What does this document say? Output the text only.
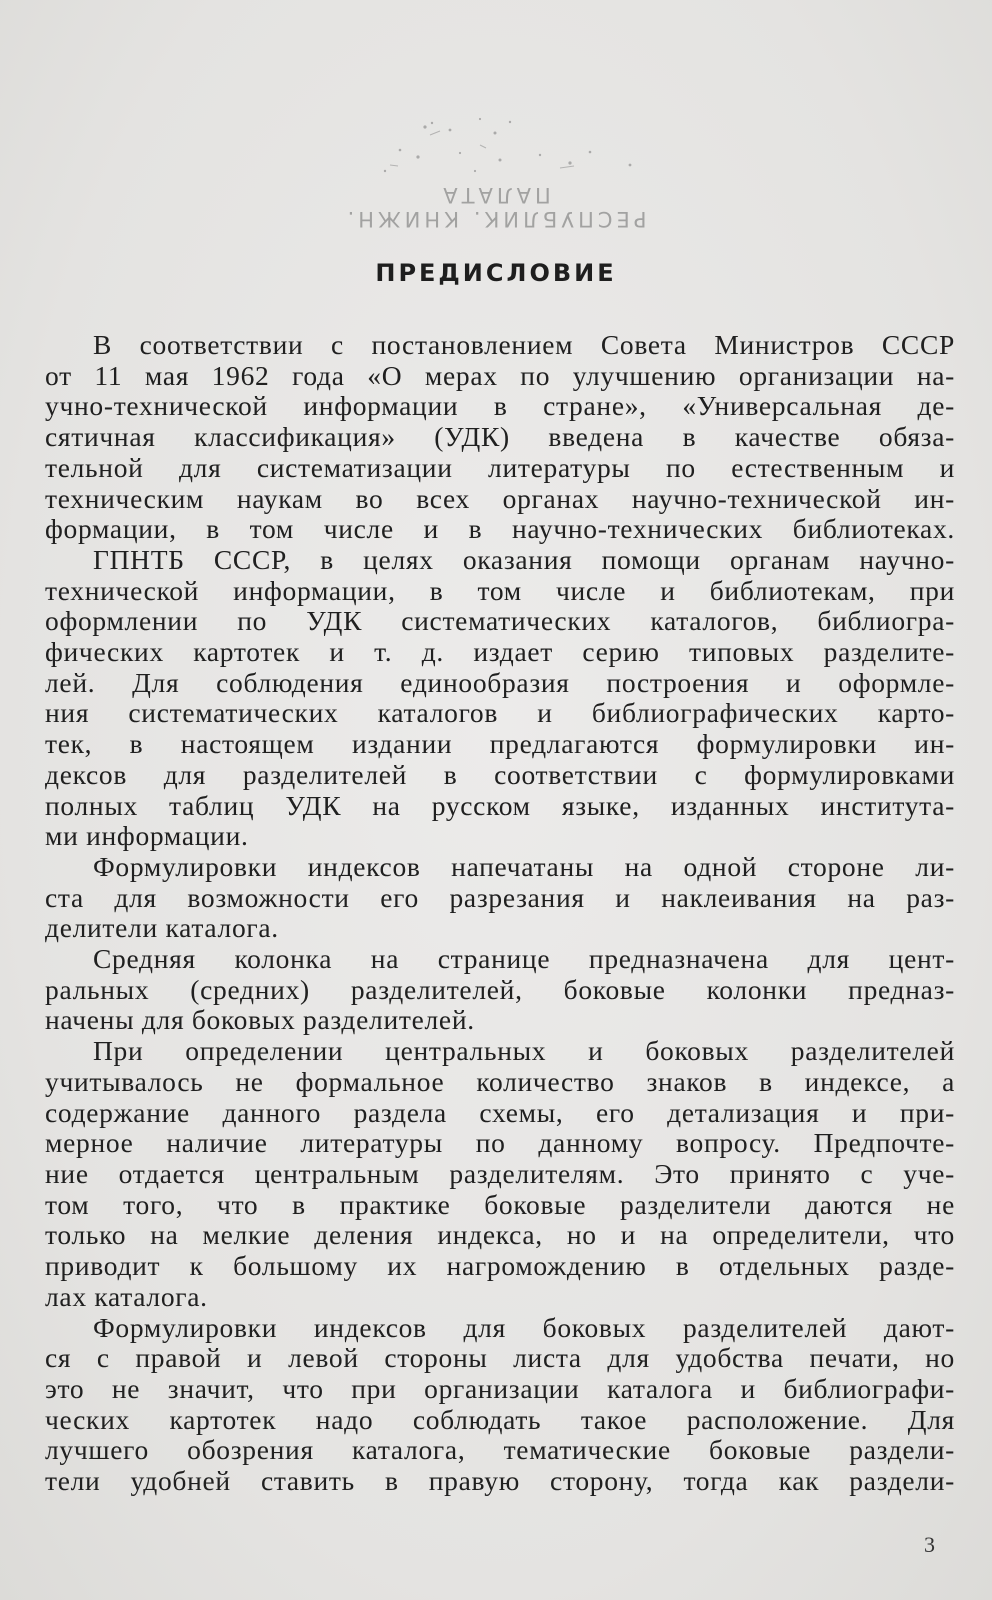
РЕСПУБЛИК. КНИЖН. ПАЛАТА
ПРЕДИСЛОВИЕ
В соответствии с постановлением Совета Министров СССР
от 11 мая 1962 года «О мерах по улучшению организации на-
учно-технической информации в стране», «Универсальная де-
сятичная классификация» (УДК) введена в качестве обяза-
тельной для систематизации литературы по естественным и
техническим наукам во всех органах научно-технической ин-
формации, в том числе и в научно-технических библиотеках.
ГПНТБ СССР, в целях оказания помощи органам научно-
технической информации, в том числе и библиотекам, при
оформлении по УДК систематических каталогов, библиогра-
фических картотек и т. д. издает серию типовых разделите-
лей. Для соблюдения единообразия построения и оформле-
ния систематических каталогов и библиографических карто-
тек, в настоящем издании предлагаются формулировки ин-
дексов для разделителей в соответствии с формулировками
полных таблиц УДК на русском языке, изданных института-
ми информации.
Формулировки индексов напечатаны на одной стороне ли-
ста для возможности его разрезания и наклеивания на раз-
делители каталога.
Средняя колонка на странице предназначена для цент-
ральных (средних) разделителей, боковые колонки предназ-
начены для боковых разделителей.
При определении центральных и боковых разделителей
учитывалось не формальное количество знаков в индексе, а
содержание данного раздела схемы, его детализация и при-
мерное наличие литературы по данному вопросу. Предпочте-
ние отдается центральным разделителям. Это принято с уче-
том того, что в практике боковые разделители даются не
только на мелкие деления индекса, но и на определители, что
приводит к большому их нагромождению в отдельных разде-
лах каталога.
Формулировки индексов для боковых разделителей дают-
ся с правой и левой стороны листа для удобства печати, но
это не значит, что при организации каталога и библиографи-
ческих картотек надо соблюдать такое расположение. Для
лучшего обозрения каталога, тематические боковые раздели-
тели удобней ставить в правую сторону, тогда как раздели-
3
